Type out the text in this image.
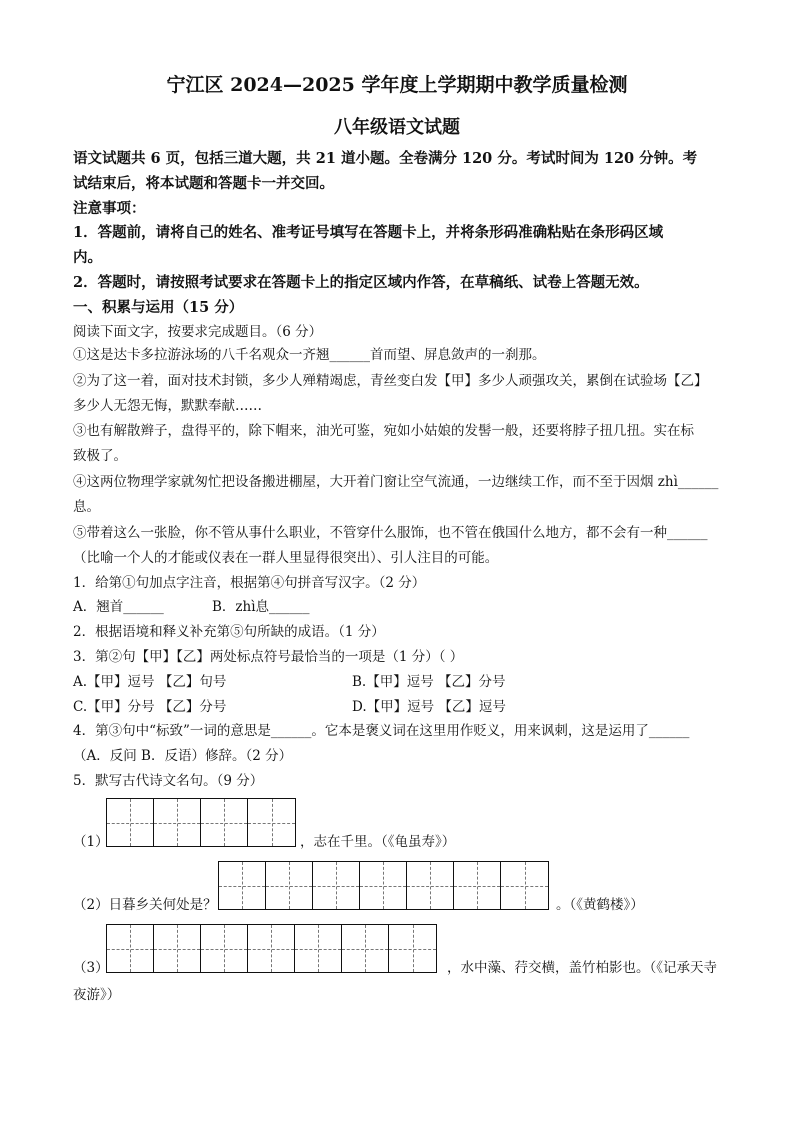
宁江区 2024—2025 学年度上学期期中教学质量检测
八年级语文试题
语文试题共 6 页，包括三道大题，共 21 道小题。全卷满分 120 分。考试时间为 120 分钟。考
试结束后，将本试题和答题卡一并交回。
注意事项：
1．答题前，请将自己的姓名、准考证号填写在答题卡上，并将条形码准确粘贴在条形码区域
内。
2．答题时，请按照考试要求在答题卡上的指定区域内作答，在草稿纸、试卷上答题无效。
一、积累与运用（15 分）
阅读下面文字，按要求完成题目。（6 分）
①这是达卡多拉游泳场的八千名观众一齐翘______首而望、屏息敛声的一刹那。
②为了这一着，面对技术封锁，多少人殚精竭虑，青丝变白发【甲】多少人顽强攻关，累倒在试验场【乙】
多少人无怨无悔，默默奉献……
③也有解散辫子，盘得平的，除下帽来，油光可鉴，宛如小姑娘的发髻一般，还要将脖子扭几扭。实在标
致极了。
④这两位物理学家就匆忙把设备搬进棚屋，大开着门窗让空气流通，一边继续工作，而不至于因烟 zhì______
息。
⑤带着这么一张脸，你不管从事什么职业，不管穿什么服饰，也不管在俄国什么地方，都不会有一种______
（比喻一个人的才能或仪表在一群人里显得很突出）、引人注目的可能。
1．给第①句加点字注音，根据第④句拼音写汉字。（2 分）
A．翘首______	B．zhì息______
2．根据语境和释义补充第⑤句所缺的成语。（1 分）
3．第②句【甲】【乙】两处标点符号最恰当的一项是（1 分）（ ）
A.【甲】逗号 【乙】句号	B.【甲】逗号 【乙】分号
C.【甲】分号 【乙】分号	D.【甲】逗号 【乙】逗号
4．第③句中“标致”一词的意思是______。它本是褒义词在这里用作贬义，用来讽刺，这是运用了______
（A．反问 B．反语）修辞。（2 分）
5．默写古代诗文名句。（9 分）
（1）	，志在千里。（《龟虽寿》）
（2）日暮乡关何处是？	。（《黄鹤楼》）
（3）	，水中藻、荇交横，盖竹柏影也。（《记承天寺
夜游》）
